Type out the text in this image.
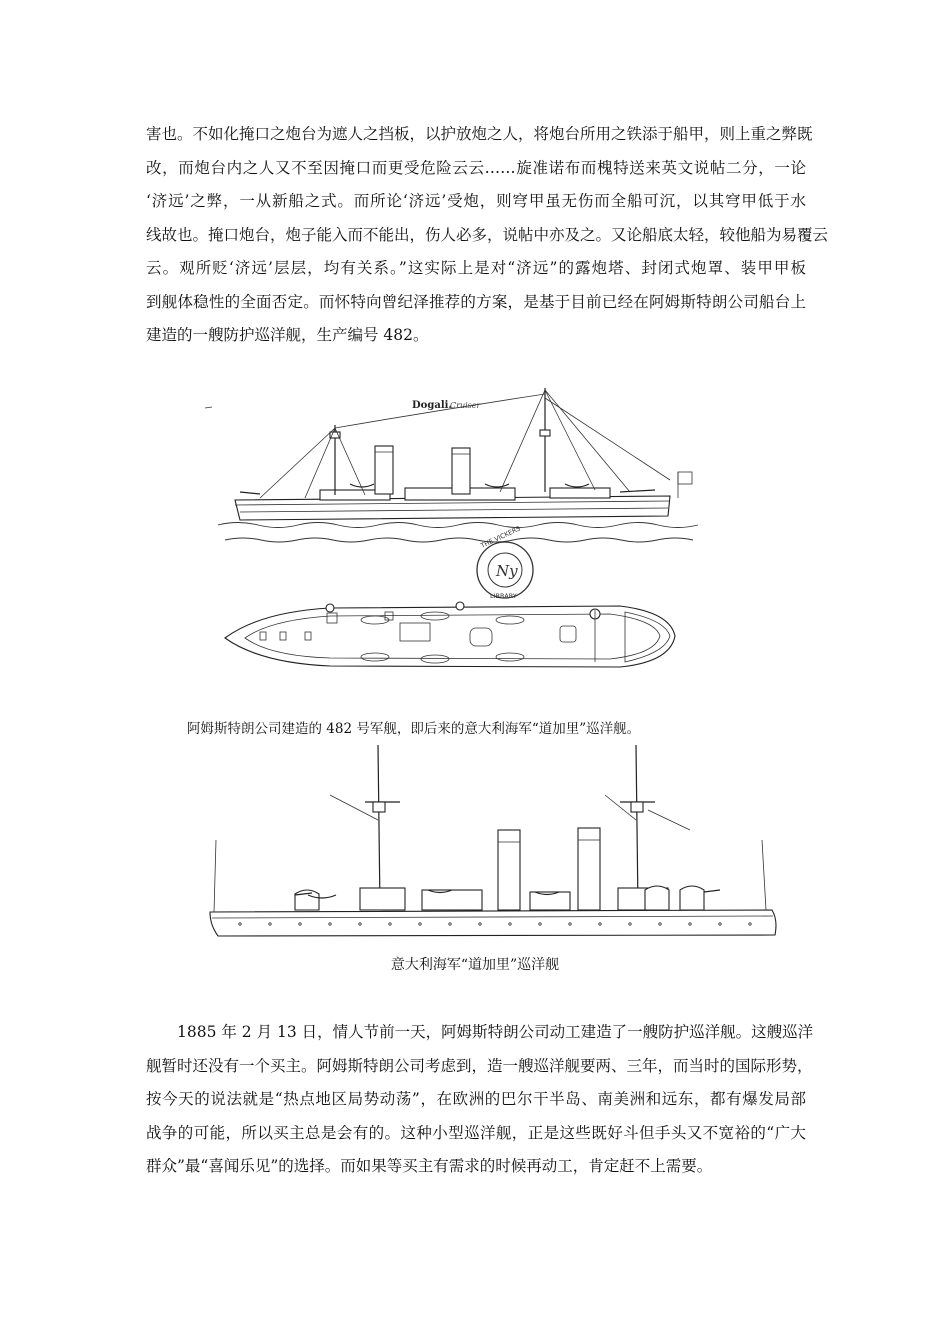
害也。不如化掩口之炮台为遮人之挡板，以护放炮之人，将炮台所用之铁添于船甲，则上重之弊既
改，而炮台内之人又不至因掩口而更受危险云云……旋准诺布而槐特送来英文说帖二分，一论
‘济远’之弊，一从新船之式。而所论‘济远’受炮，则穹甲虽无伤而全船可沉，以其穹甲低于水
线故也。掩口炮台，炮子能入而不能出，伤人必多，说帖中亦及之。又论船底太轻，较他船为易覆云
云。观所贬‘济远’层层，均有关系。”这实际上是对“济远”的露炮塔、封闭式炮罩、装甲甲板
到舰体稳性的全面否定。而怀特向曾纪泽推荐的方案，是基于目前已经在阿姆斯特朗公司船台上
建造的一艘防护巡洋舰，生产编号 482。
Dogali.
Cruiser
Ny
THE VICKERS
LIBRARY

阿姆斯特朗公司建造的 482 号军舰，即后来的意大利海军“道加里”巡洋舰。

意大利海军“道加里”巡洋舰

1885 年 2 月 13 日，情人节前一天，阿姆斯特朗公司动工建造了一艘防护巡洋舰。这艘巡洋
舰暂时还没有一个买主。阿姆斯特朗公司考虑到，造一艘巡洋舰要两、三年，而当时的国际形势，
按今天的说法就是“热点地区局势动荡”，在欧洲的巴尔干半岛、南美洲和远东，都有爆发局部
战争的可能，所以买主总是会有的。这种小型巡洋舰，正是这些既好斗但手头又不宽裕的“广大
群众”最“喜闻乐见”的选择。而如果等买主有需求的时候再动工，肯定赶不上需要。
